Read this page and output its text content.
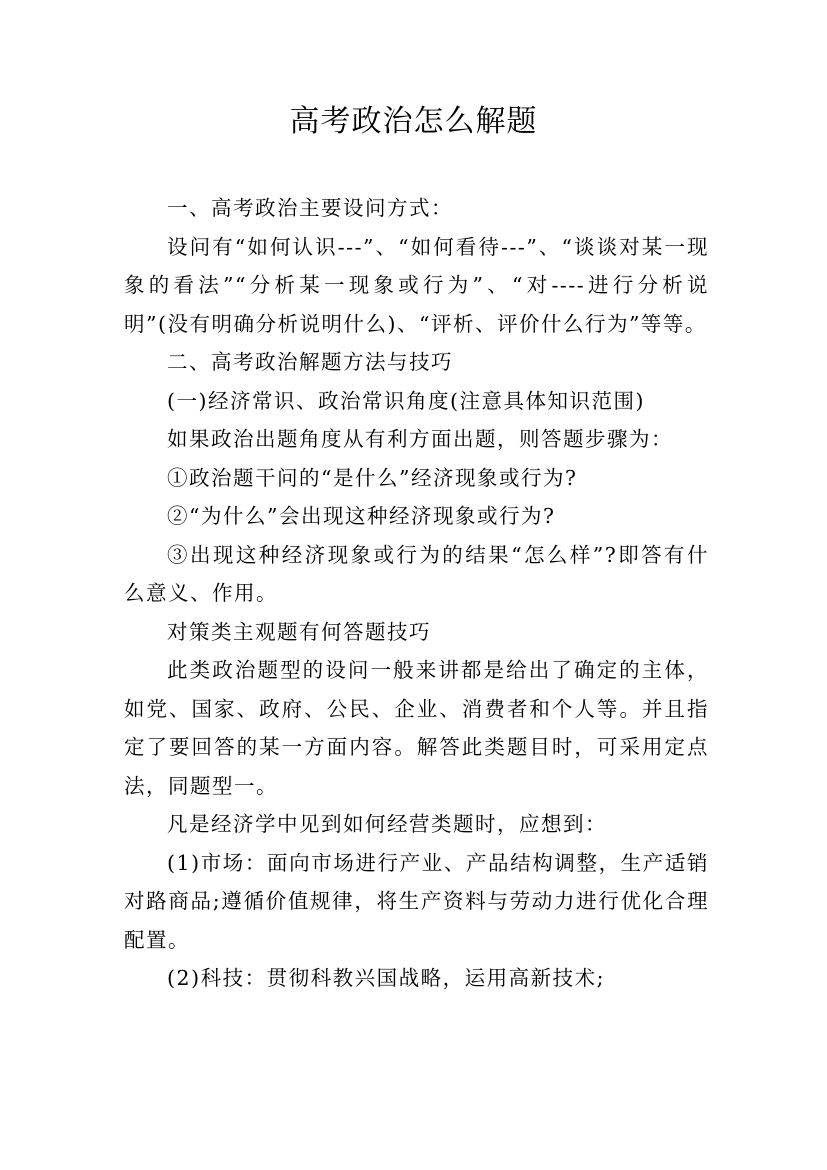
高考政治怎么解题

一、高考政治主要设问方式：

设问有“如何认识---”、“如何看待---”、“谈谈对某一现象的看法”“分析某一现象或行为”、“对----进行分析说明”(没有明确分析说明什么)、“评析、评价什么行为”等等。

二、高考政治解题方法与技巧

(一)经济常识、政治常识角度(注意具体知识范围)

如果政治出题角度从有利方面出题，则答题步骤为：

①政治题干问的“是什么”经济现象或行为?

②“为什么”会出现这种经济现象或行为?

③出现这种经济现象或行为的结果“怎么样”?即答有什么意义、作用。

对策类主观题有何答题技巧

此类政治题型的设问一般来讲都是给出了确定的主体，如党、国家、政府、公民、企业、消费者和个人等。并且指定了要回答的某一方面内容。解答此类题目时，可采用定点法，同题型一。

凡是经济学中见到如何经营类题时，应想到：

(1)市场：面向市场进行产业、产品结构调整，生产适销对路商品;遵循价值规律，将生产资料与劳动力进行优化合理配置。

(2)科技：贯彻科教兴国战略，运用高新技术;
